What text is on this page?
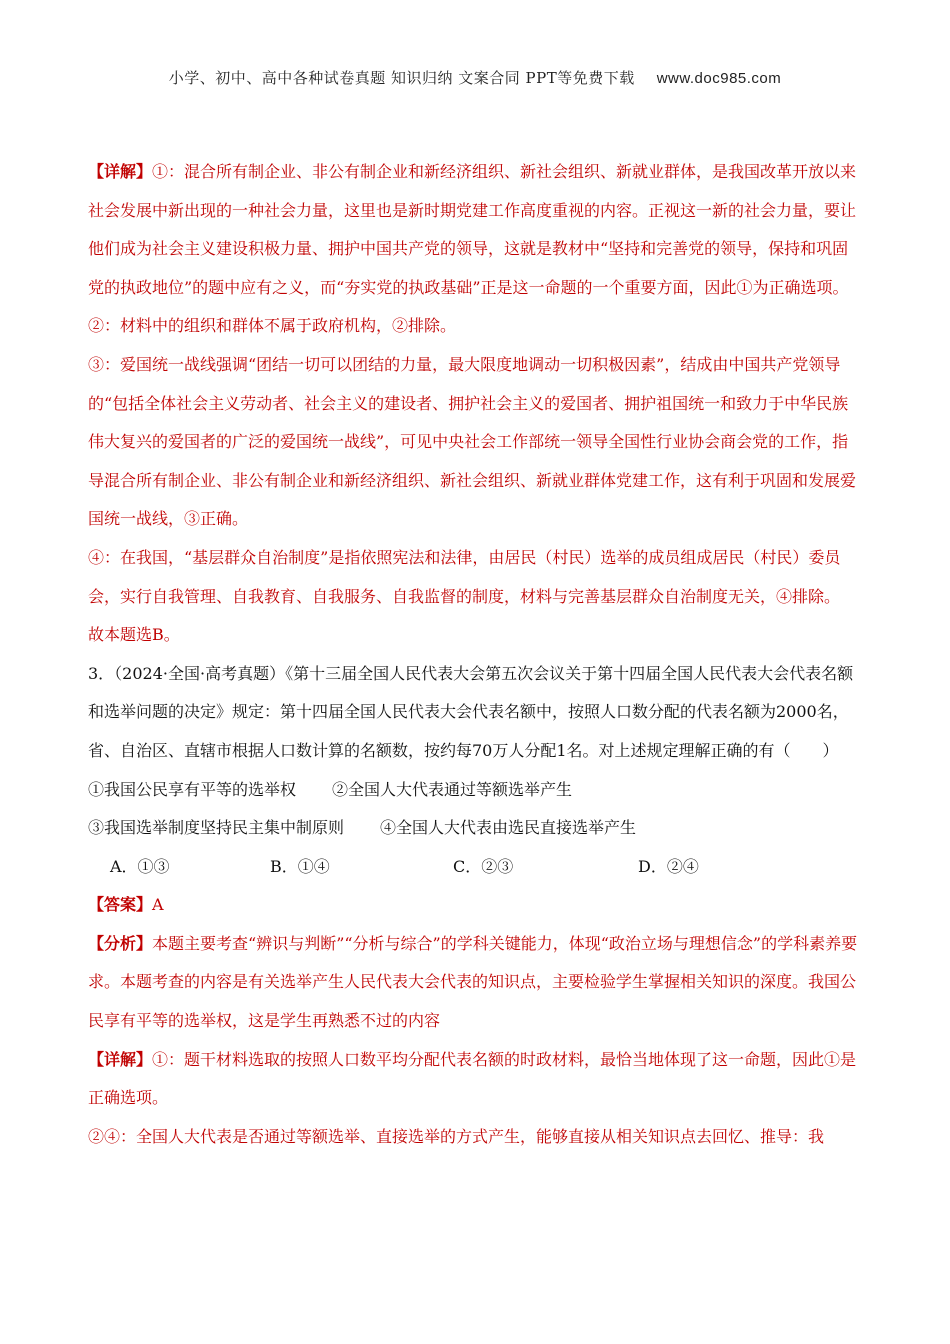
小学、初中、高中各种试卷真题 知识归纳 文案合同 PPT等免费下载 www.doc985.com

【详解】①：混合所有制企业、非公有制企业和新经济组织、新社会组织、新就业群体，是我国改革开放以来社会发展中新出现的一种社会力量，这里也是新时期党建工作高度重视的内容。正视这一新的社会力量，要让他们成为社会主义建设积极力量、拥护中国共产党的领导，这就是教材中“坚持和完善党的领导，保持和巩固党的执政地位”的题中应有之义，而“夯实党的执政基础”正是这一命题的一个重要方面，因此①为正确选项。

②：材料中的组织和群体不属于政府机构，②排除。

③：爱国统一战线强调“团结一切可以团结的力量，最大限度地调动一切积极因素”，结成由中国共产党领导的“包括全体社会主义劳动者、社会主义的建设者、拥护社会主义的爱国者、拥护祖国统一和致力于中华民族伟大复兴的爱国者的广泛的爱国统一战线”，可见中央社会工作部统一领导全国性行业协会商会党的工作，指导混合所有制企业、非公有制企业和新经济组织、新社会组织、新就业群体党建工作，这有利于巩固和发展爱国统一战线，③正确。

④：在我国，“基层群众自治制度”是指依照宪法和法律，由居民（村民）选举的成员组成居民（村民）委员会，实行自我管理、自我教育、自我服务、自我监督的制度，材料与完善基层群众自治制度无关，④排除。

故本题选B。

3．（2024·全国·高考真题）《第十三届全国人民代表大会第五次会议关于第十四届全国人民代表大会代表名额和选举问题的决定》规定：第十四届全国人民代表大会代表名额中，按照人口数分配的代表名额为2000名，省、自治区、直辖市根据人口数计算的名额数，按约每70万人分配1名。对上述规定理解正确的有（　　）

①我国公民享有平等的选举权 ②全国人大代表通过等额选举产生

③我国选举制度坚持民主集中制原则 ④全国人大代表由选民直接选举产生

A．①③	B．①④	C．②③	D．②④

【答案】A

【分析】本题主要考查“辨识与判断”“分析与综合”的学科关键能力，体现“政治立场与理想信念”的学科素养要求。本题考查的内容是有关选举产生人民代表大会代表的知识点，主要检验学生掌握相关知识的深度。我国公民享有平等的选举权，这是学生再熟悉不过的内容

【详解】①：题干材料选取的按照人口数平均分配代表名额的时政材料，最恰当地体现了这一命题，因此①是正确选项。

②④：全国人大代表是否通过等额选举、直接选举的方式产生，能够直接从相关知识点去回忆、推导：我
